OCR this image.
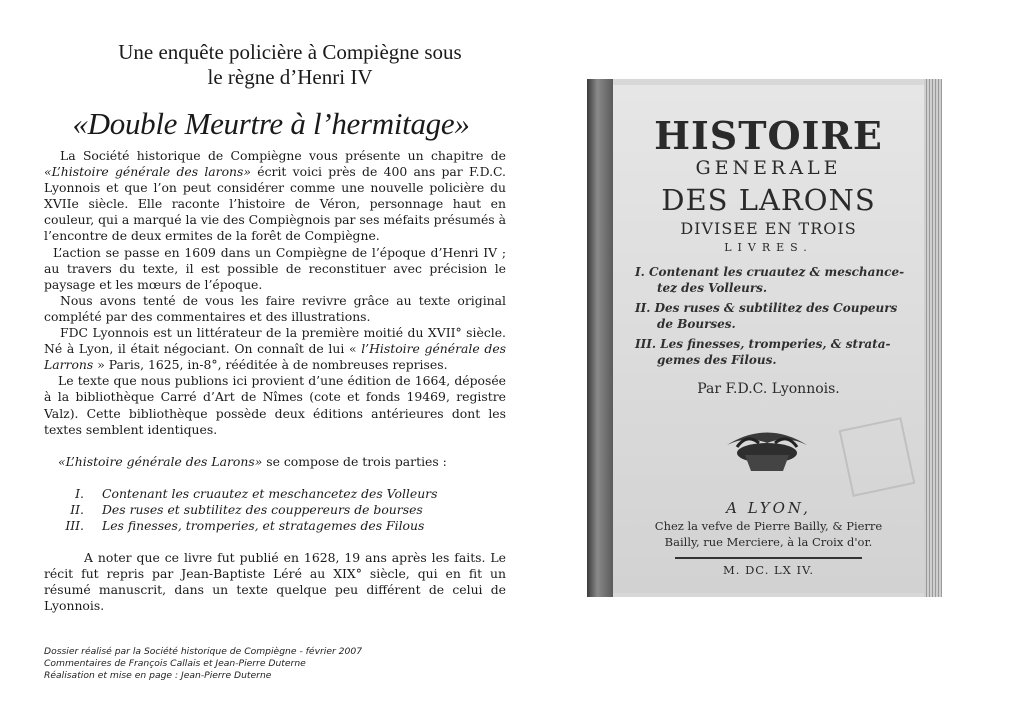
Une enquête policière à Compiègne sous
le règne d’Henri IV
«Double Meurtre à l’hermitage»

La Société historique de Compiègne vous présente un chapitre de «L’histoire générale des larons» écrit voici près de 400 ans par F.D.C. Lyonnois et que l’on peut considérer comme une nouvelle policière du XVIIe siècle. Elle raconte l’histoire de Véron, personnage haut en couleur, qui a marqué la vie des Compiègnois par ses méfaits présumés à l’encontre de deux ermites de la forêt de Compiègne.

L’action se passe en 1609 dans un Compiègne de l’époque d’Henri IV ; au travers du texte, il est possible de reconstituer avec précision le paysage et les mœurs de l’époque.

Nous avons tenté de vous les faire revivre grâce au texte original complété par des commentaires et des illustrations.

FDC Lyonnois est un littérateur de la première moitié du XVII° siècle. Né à Lyon, il était négociant. On connaît de lui « l’Histoire générale des Larrons » Paris, 1625, in-8°, rééditée à de nombreuses reprises.

Le texte que nous publions ici provient d’une édition de 1664, déposée à la bibliothèque Carré d’Art de Nîmes (cote et fonds 19469, registre Valz). Cette bibliothèque possède deux éditions antérieures dont les textes semblent identiques.

«L’histoire générale des Larons» se compose de trois parties :

I. Contenant les cruautez et meschancetez des Volleurs
II. Des ruses et subtilitez des coupper​eurs de bourses
III. Les finesses, tromperies, et stratagemes des Filous

A noter que ce livre fut publié en 1628, 19 ans après les faits. Le récit fut repris par Jean-Baptiste Léré au XIX° siècle, qui en fit un résumé manuscrit, dans un texte quelque peu différent de celui de Lyonnois.

Dossier réalisé par la Société historique de Compiègne - février 2007
Commentaires de François Callais et Jean-Pierre Duterne
Réalisation et mise en page : Jean-Pierre Duterne
HISTOIRE
GENERALE
DES LARONS
DIVISEE EN TROIS
LIVRES.
I. Contenant les cruautez & meschance-
tez des Volleurs.
II. Des ruses & subtilitez des Coupeurs
de Bourses.
III. Les finesses, tromperies, & strata-
gemes des Filous.
Par F.D.C. Lyonnois.
A LYON,
Chez la vefve de Pierre Bailly, & Pierre
Bailly, rue Merciere, à la Croix d'or.
M. DC. LX IV.
